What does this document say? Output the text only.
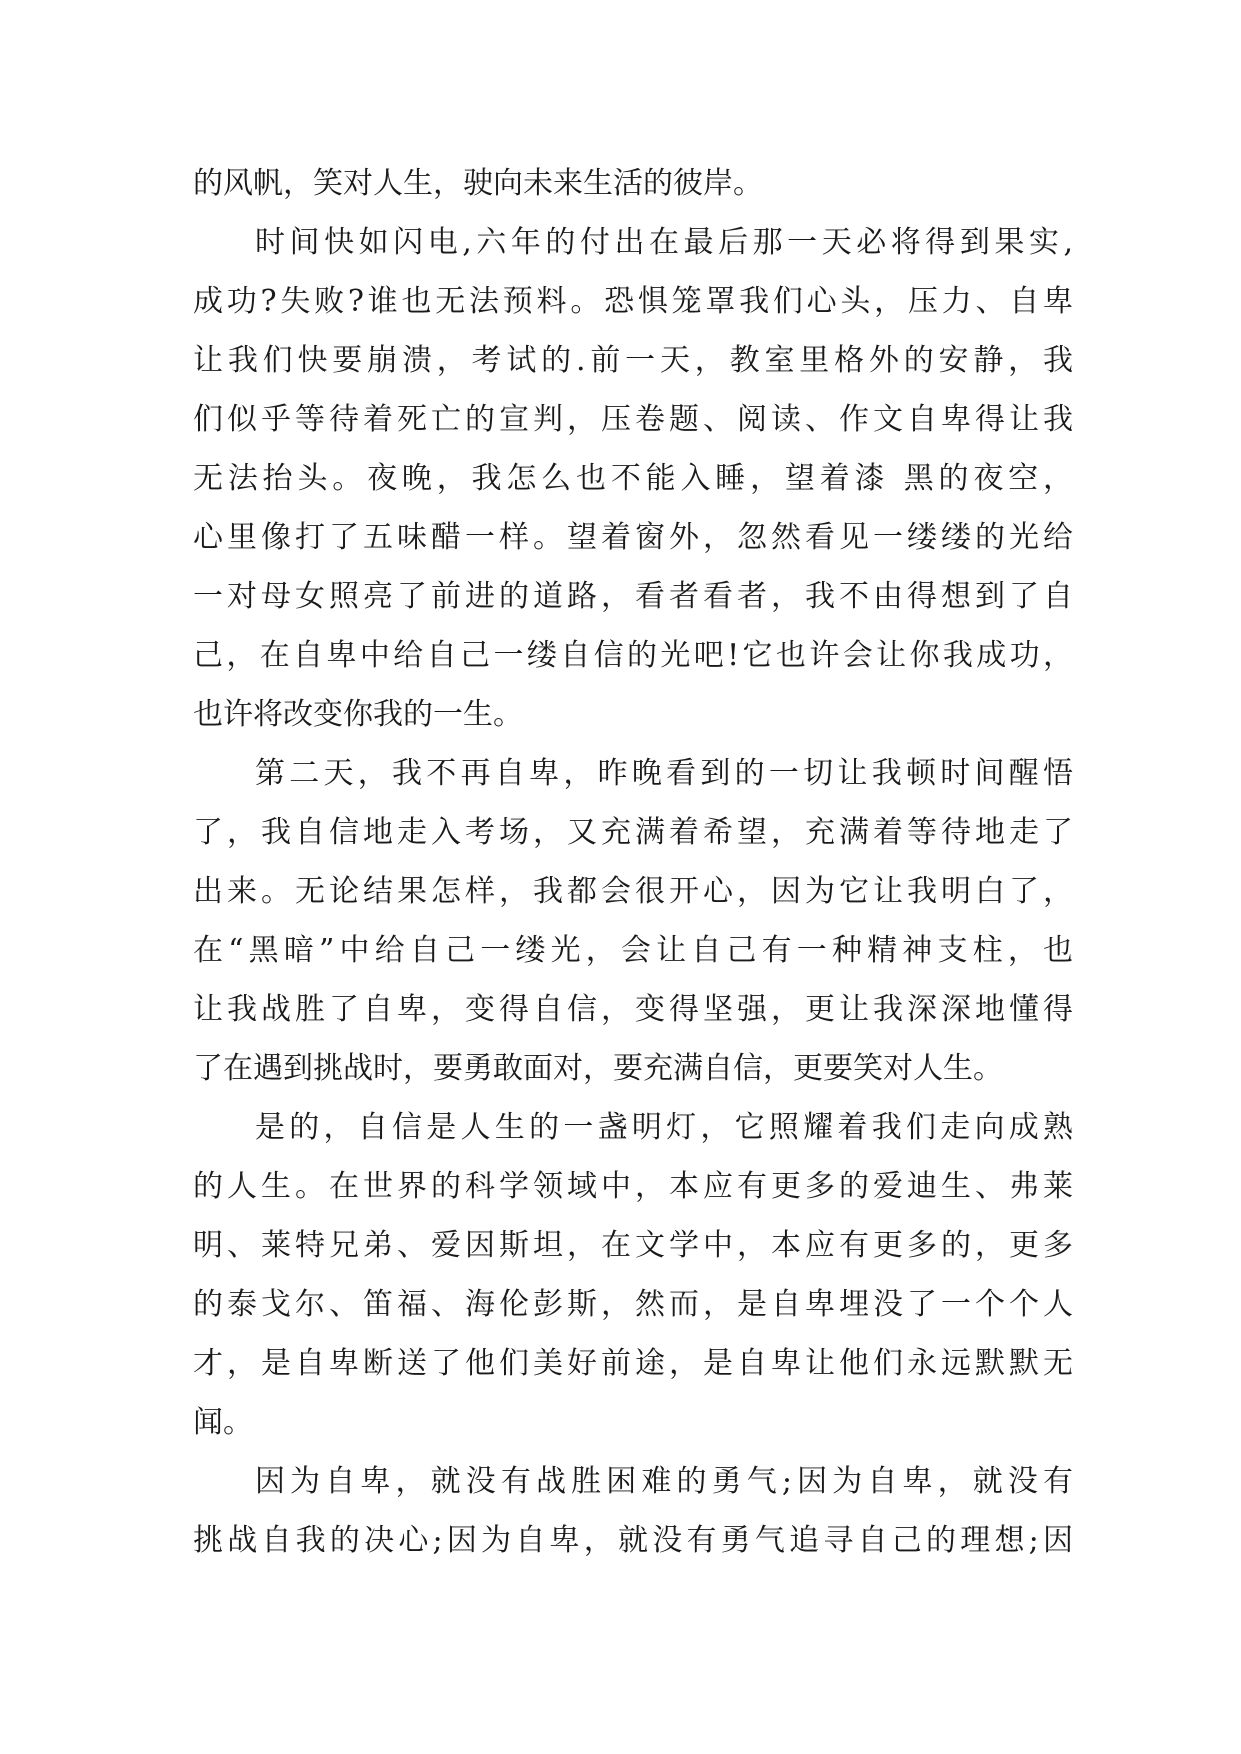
的风帆，笑对人生，驶向未来生活的彼岸。
时间快如闪电,六年的付出在最后那一天必将得到果实,
成功?失败?谁也无法预料。恐惧笼罩我们心头，压力、自卑
让我们快要崩溃，考试的.前一天，教室里格外的安静，我
们似乎等待着死亡的宣判，压卷题、阅读、作文自卑得让我
无法抬头。夜晚，我怎么也不能入睡，望着漆 黑的夜空，
心里像打了五味醋一样。望着窗外，忽然看见一缕缕的光给
一对母女照亮了前进的道路，看者看者，我不由得想到了自
己，在自卑中给自己一缕自信的光吧!它也许会让你我成功，
也许将改变你我的一生。
第二天，我不再自卑，昨晚看到的一切让我顿时间醒悟
了，我自信地走入考场，又充满着希望，充满着等待地走了
出来。无论结果怎样，我都会很开心，因为它让我明白了，
在“黑暗”中给自己一缕光，会让自己有一种精神支柱，也
让我战胜了自卑，变得自信，变得坚强，更让我深深地懂得
了在遇到挑战时，要勇敢面对，要充满自信，更要笑对人生。
是的，自信是人生的一盏明灯，它照耀着我们走向成熟
的人生。在世界的科学领域中，本应有更多的爱迪生、弗莱
明、莱特兄弟、爱因斯坦，在文学中，本应有更多的，更多
的泰戈尔、笛福、海伦彭斯，然而，是自卑埋没了一个个人
才，是自卑断送了他们美好前途，是自卑让他们永远默默无
闻。
因为自卑，就没有战胜困难的勇气;因为自卑，就没有
挑战自我的决心;因为自卑，就没有勇气追寻自己的理想;因
